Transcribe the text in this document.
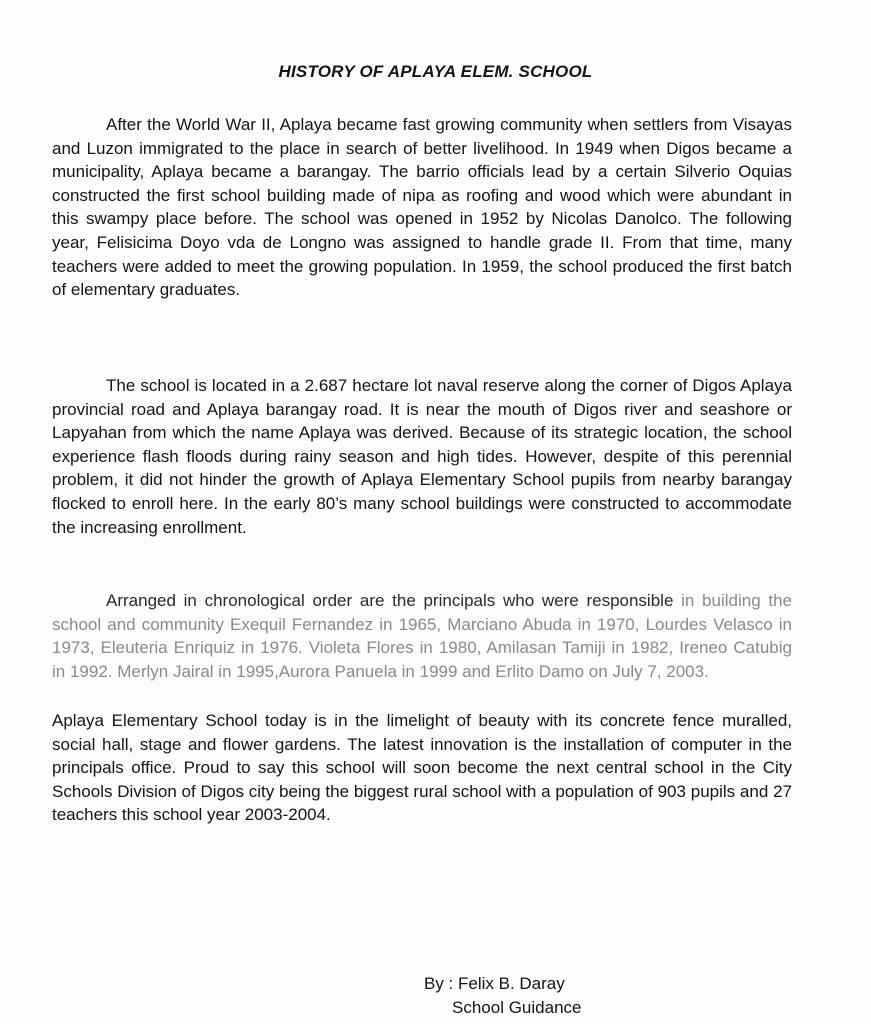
HISTORY OF APLAYA ELEM. SCHOOL

After the World War II, Aplaya became fast growing community when settlers from Visayas and Luzon immigrated to the place in search of better livelihood. In 1949 when Digos became a municipality, Aplaya became a barangay. The barrio officials lead by a certain Silverio Oquias constructed the first school building made of nipa as roofing and wood which were abundant in this swampy place before. The school was opened in 1952 by Nicolas Danolco. The following year, Felisicima Doyo vda de Longno was assigned to handle grade II. From that time, many teachers were added to meet the growing population. In 1959, the school produced the first batch of elementary graduates.

The school is located in a 2.687 hectare lot naval reserve along the corner of Digos Aplaya provincial road and Aplaya barangay road. It is near the mouth of Digos river and seashore or Lapyahan from which the name Aplaya was derived. Because of its strategic location, the school experience flash floods during rainy season and high tides. However, despite of this perennial problem, it did not hinder the growth of Aplaya Elementary School pupils from nearby barangay flocked to enroll here. In the early 80’s many school buildings were constructed to accommodate the increasing enrollment.

Arranged in chronological order are the principals who were responsible in building the school and community Exequil Fernandez in 1965, Marciano Abuda in 1970, Lourdes Velasco in 1973, Eleuteria Enriquiz in 1976. Violeta Flores in 1980, Amilasan Tamiji in 1982, Ireneo Catubig in 1992. Merlyn Jairal in 1995,Aurora Panuela in 1999 and Erlito Damo on July 7, 2003.

Aplaya Elementary School today is in the limelight of beauty with its concrete fence muralled, social hall, stage and flower gardens. The latest innovation is the installation of computer in the principals office. Proud to say this school will soon become the next central school in the City Schools Division of Digos city being the biggest rural school with a population of 903 pupils and 27 teachers this school year 2003-2004.

By : Felix B. Daray
School Guidance
